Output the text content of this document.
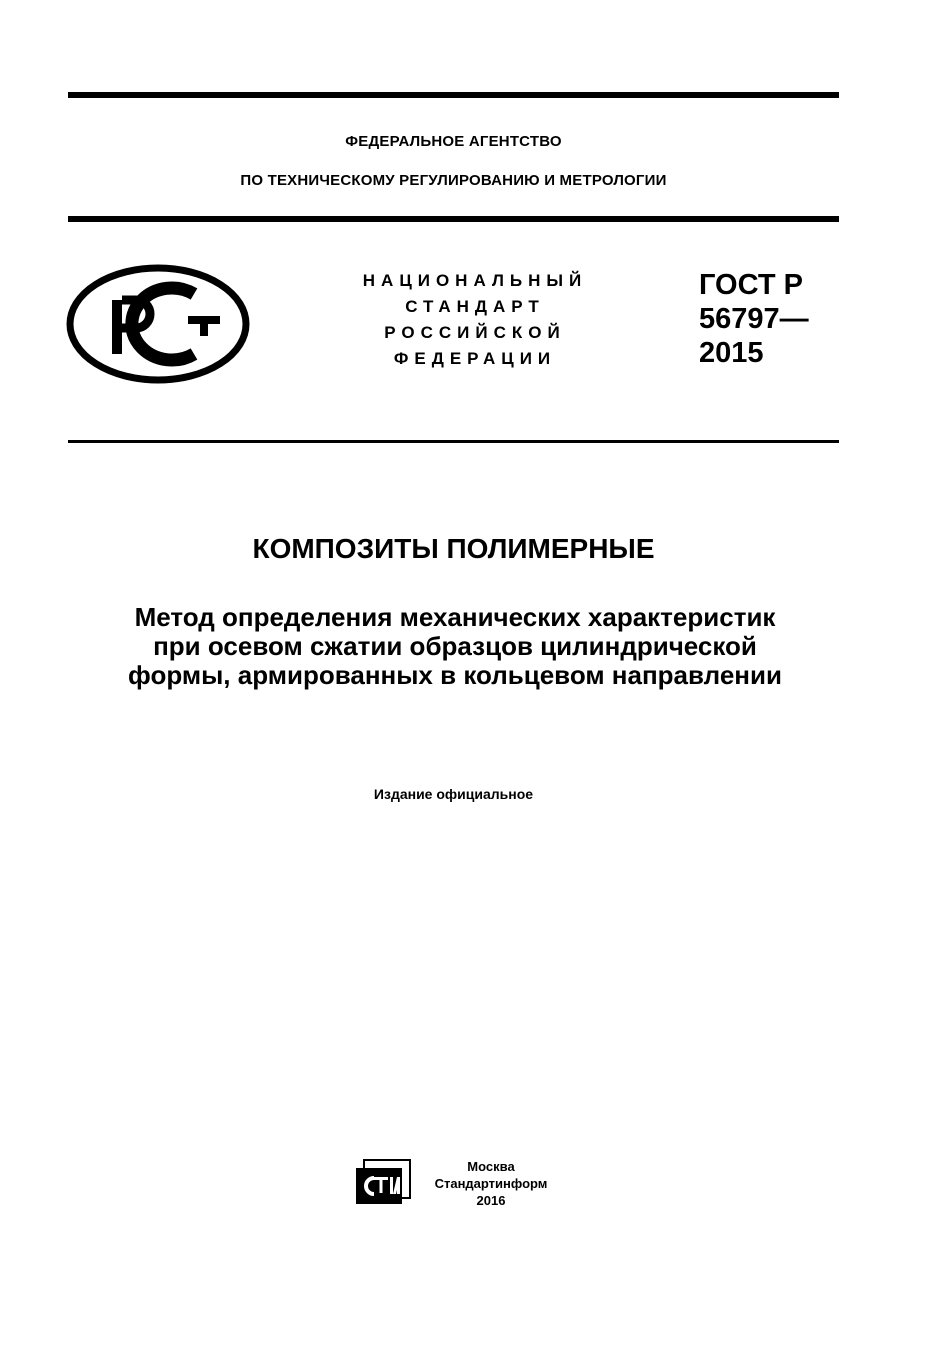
ФЕДЕРАЛЬНОЕ АГЕНТСТВО
ПО ТЕХНИЧЕСКОМУ РЕГУЛИРОВАНИЮ И МЕТРОЛОГИИ
НАЦИОНАЛЬНЫЙ
СТАНДАРТ
РОССИЙСКОЙ
ФЕДЕРАЦИИ
ГОСТ Р
56797—
2015
КОМПОЗИТЫ ПОЛИМЕРНЫЕ
Метод определения механических характеристик
при осевом сжатии образцов цилиндрической
формы, армированных в кольцевом направлении
Издание официальное
Москва
Стандартинформ
2016
